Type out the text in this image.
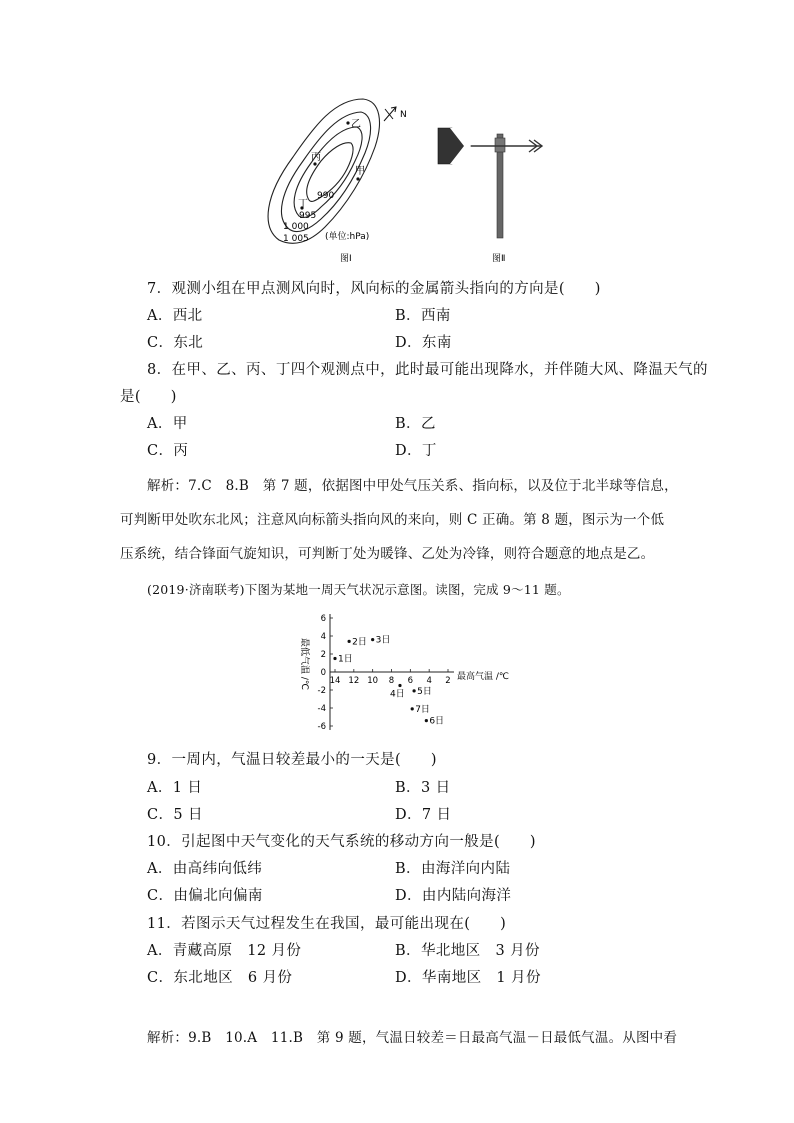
乙
丙
甲
丁
990
995
1 000
1 005 (单位:hPa)
N
图Ⅰ	图Ⅱ
7．观测小组在甲点测风向时，风向标的金属箭头指向的方向是(　　)
A．西北	B．西南
C．东北	D．东南
8．在甲、乙、丙、丁四个观测点中，此时最可能出现降水，并伴随大风、降温天气的
是(　　)
A．甲	B．乙
C．丙	D．丁
解析：7.C　8.B　第 7 题，依据图中甲处气压关系、指向标，以及位于北半球等信息，
可判断甲处吹东北风；注意风向标箭头指向风的来向，则 C 正确。第 8 题，图示为一个低
压系统，结合锋面气旋知识，可判断丁处为暖锋、乙处为冷锋，则符合题意的地点是乙。
(2019·济南联考)下图为某地一周天气状况示意图。读图，完成 9～11 题。
6
4
2
0
-2
-4
-6
14 12 10 8 6 4 2
1日
2日 3日
4日 5日
6日
7日
最高气温 /℃
最低气温 /℃
9．一周内，气温日较差最小的一天是(　　)
A．1 日	B．3 日
C．5 日	D．7 日
10．引起图中天气变化的天气系统的移动方向一般是(　　)
A．由高纬向低纬	B．由海洋向内陆
C．由偏北向偏南	D．由内陆向海洋
11．若图示天气过程发生在我国，最可能出现在(　　)
A．青藏高原　12 月份	B．华北地区　3 月份
C．东北地区　6 月份	D．华南地区　1 月份
解析：9.B　10.A　11.B　第 9 题，气温日较差＝日最高气温－日最低气温。从图中看
